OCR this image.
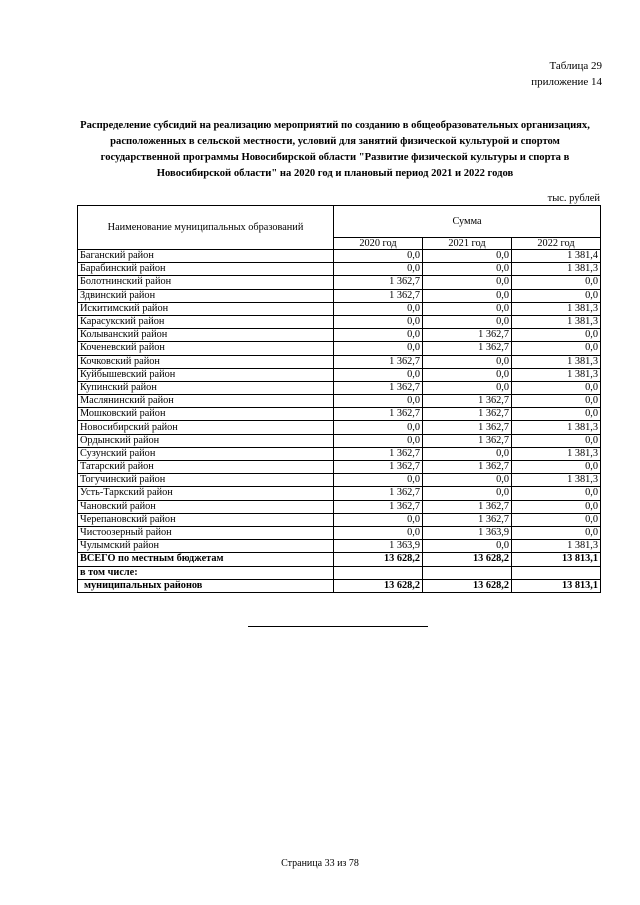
Таблица 29
приложение 14
Распределение субсидий на реализацию мероприятий по созданию в общеобразовательных организациях, расположенных в сельской местности, условий для занятий физической культурой и спортом государственной программы Новосибирской области "Развитие физической культуры и спорта в Новосибирской области" на 2020 год и плановый период 2021 и 2022 годов
тыс. рублей
Наименование муниципальных образований	Сумма		
	2020 год	2021 год	2022 год
Баганский район	0,0	0,0	1 381,4
Барабинский район	0,0	0,0	1 381,3
Болотнинский район	1 362,7	0,0	0,0
Здвинский район	1 362,7	0,0	0,0
Искитимский район	0,0	0,0	1 381,3
Карасукский район	0,0	0,0	1 381,3
Колыванский район	0,0	1 362,7	0,0
Коченевский район	0,0	1 362,7	0,0
Кочковский район	1 362,7	0,0	1 381,3
Куйбышевский район	0,0	0,0	1 381,3
Купинский район	1 362,7	0,0	0,0
Маслянинский район	0,0	1 362,7	0,0
Мошковский район	1 362,7	1 362,7	0,0
Новосибирский район	0,0	1 362,7	1 381,3
Ордынский район	0,0	1 362,7	0,0
Сузунский район	1 362,7	0,0	1 381,3
Татарский район	1 362,7	1 362,7	0,0
Тогучинский район	0,0	0,0	1 381,3
Усть-Таркский район	1 362,7	0,0	0,0
Чановский район	1 362,7	1 362,7	0,0
Черепановский район	0,0	1 362,7	0,0
Чистоозерный район	0,0	1 363,9	0,0
Чулымский район	1 363,9	0,0	1 381,3
ВСЕГО по местным бюджетам	13 628,2	13 628,2	13 813,1
в том числе:			
муниципальных районов	13 628,2	13 628,2	13 813,1
Страница 33 из 78
